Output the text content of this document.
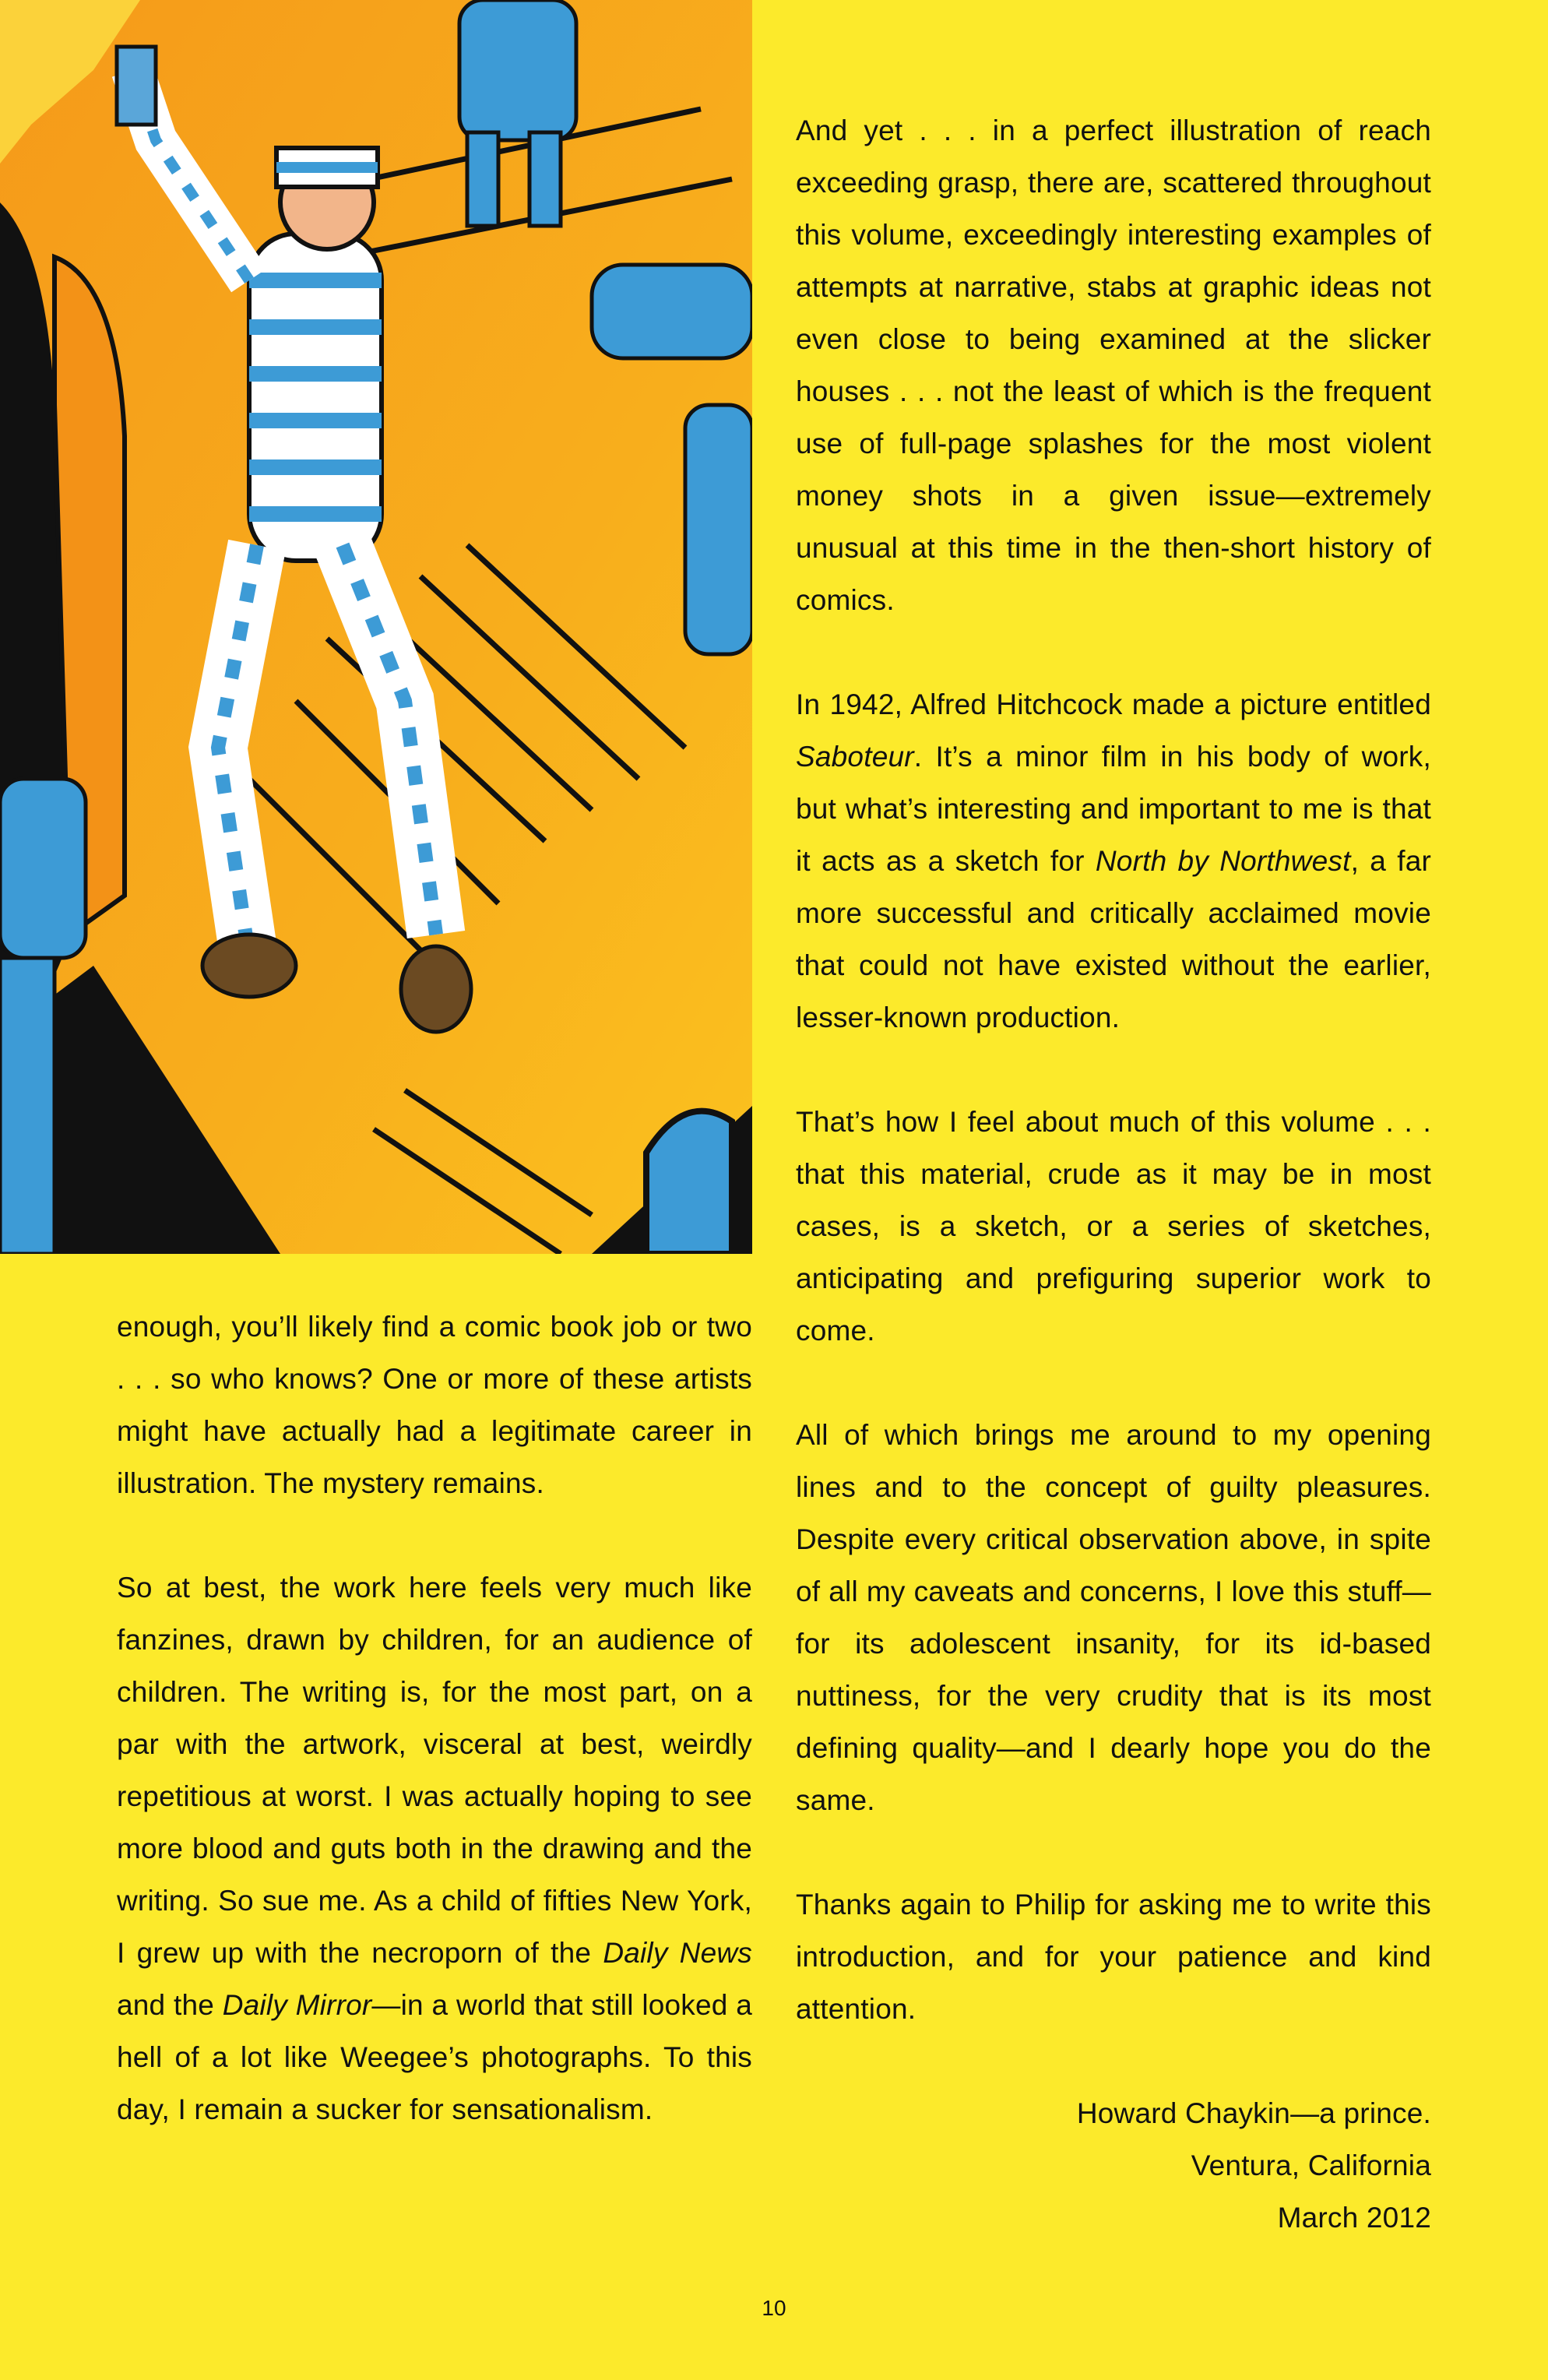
enough, you’ll likely find a comic book job or two . . . so who knows? One or more of these artists might have actually had a legitimate career in illustration. The mystery remains.

So at best, the work here feels very much like fanzines, drawn by children, for an audience of children. The writing is, for the most part, on a par with the artwork, visceral at best, weirdly repetitious at worst. I was actually hoping to see more blood and guts both in the drawing and the writing. So sue me. As a child of fifties New York, I grew up with the necroporn of the Daily News and the Daily Mirror—in a world that still looked a hell of a lot like Weegee’s photographs. To this day, I remain a sucker for sensationalism.

And yet . . . in a perfect illustration of reach exceeding grasp, there are, scattered throughout this volume, exceedingly interesting examples of attempts at narrative, stabs at graphic ideas not even close to being examined at the slicker houses . . . not the least of which is the frequent use of full-page splashes for the most violent money shots in a given issue—extremely unusual at this time in the then-short history of comics.

In 1942, Alfred Hitchcock made a picture entitled Saboteur. It’s a minor film in his body of work, but what’s interesting and important to me is that it acts as a sketch for North by Northwest, a far more successful and critically acclaimed movie that could not have existed without the earlier, lesser-known production.

That’s how I feel about much of this volume . . . that this material, crude as it may be in most cases, is a sketch, or a series of sketches, anticipating and prefiguring superior work to come.

All of which brings me around to my opening lines and to the concept of guilty pleasures. Despite every critical observation above, in spite of all my caveats and concerns, I love this stuff—for its adolescent insanity, for its id-based nuttiness, for the very crudity that is its most defining quality—and I dearly hope you do the same.

Thanks again to Philip for asking me to write this introduction, and for your patience and kind attention.

Howard Chaykin—a prince.
Ventura, California
March 2012
10
